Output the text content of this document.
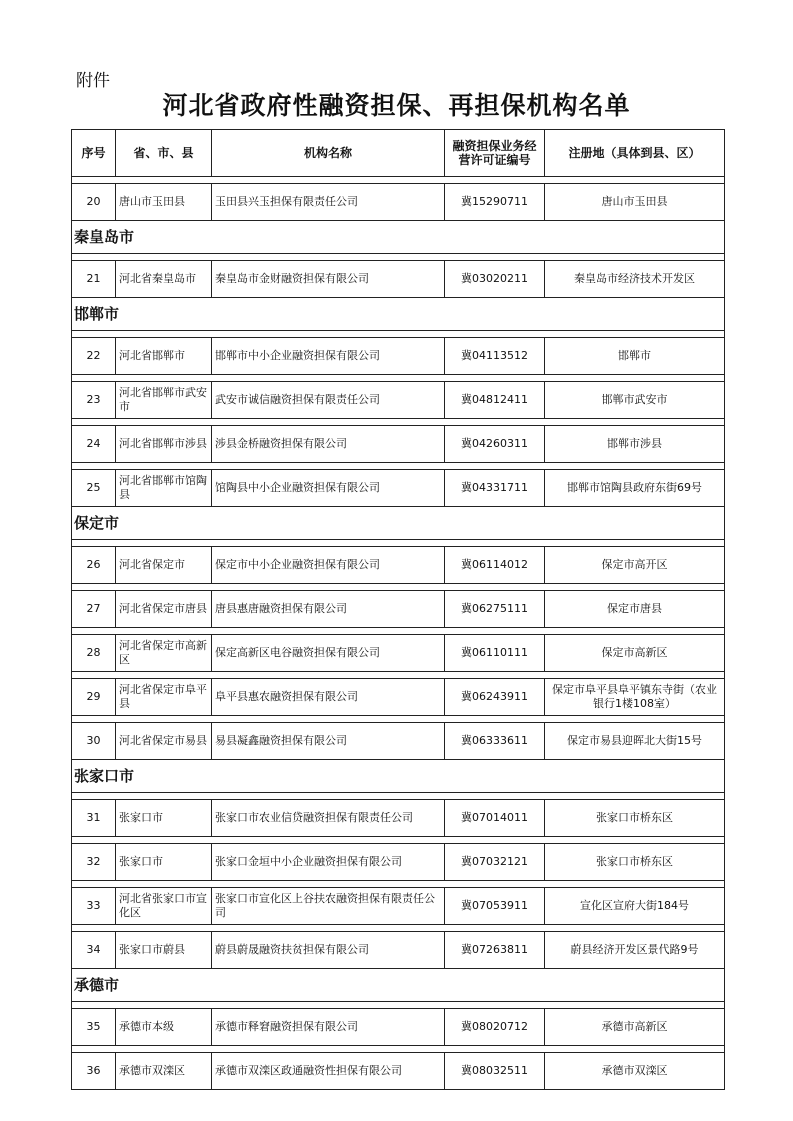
附件
河北省政府性融资担保、再担保机构名单
序号	省、市、县	机构名称	融资担保业务经营许可证编号	注册地（具体到县、区）

20	唐山市玉田县	玉田县兴玉担保有限责任公司	冀15290711	唐山市玉田县
秦皇岛市				

21	河北省秦皇岛市	秦皇岛市金财融资担保有限公司	冀03020211	秦皇岛市经济技术开发区
邯郸市				

22	河北省邯郸市	邯郸市中小企业融资担保有限公司	冀04113512	邯郸市

23	河北省邯郸市武安市	武安市诚信融资担保有限责任公司	冀04812411	邯郸市武安市

24	河北省邯郸市涉县	涉县金桥融资担保有限公司	冀04260311	邯郸市涉县

25	河北省邯郸市馆陶县	馆陶县中小企业融资担保有限公司	冀04331711	邯郸市馆陶县政府东街69号
保定市				

26	河北省保定市	保定市中小企业融资担保有限公司	冀06114012	保定市高开区

27	河北省保定市唐县	唐县惠唐融资担保有限公司	冀06275111	保定市唐县

28	河北省保定市高新区	保定高新区电谷融资担保有限公司	冀06110111	保定市高新区

29	河北省保定市阜平县	阜平县惠农融资担保有限公司	冀06243911	保定市阜平县阜平镇东寺街（农业银行1楼108室）

30	河北省保定市易县	易县凝鑫融资担保有限公司	冀06333611	保定市易县迎晖北大街15号
张家口市				

31	张家口市	张家口市农业信贷融资担保有限责任公司	冀07014011	张家口市桥东区

32	张家口市	张家口金垣中小企业融资担保有限公司	冀07032121	张家口市桥东区

33	河北省张家口市宣化区	张家口市宣化区上谷扶农融资担保有限责任公司	冀07053911	宣化区宣府大街184号

34	张家口市蔚县	蔚县蔚晟融资扶贫担保有限公司	冀07263811	蔚县经济开发区景代路9号
承德市				

35	承德市本级	承德市释窘融资担保有限公司	冀08020712	承德市高新区

36	承德市双滦区	承德市双滦区政通融资性担保有限公司	冀08032511	承德市双滦区
